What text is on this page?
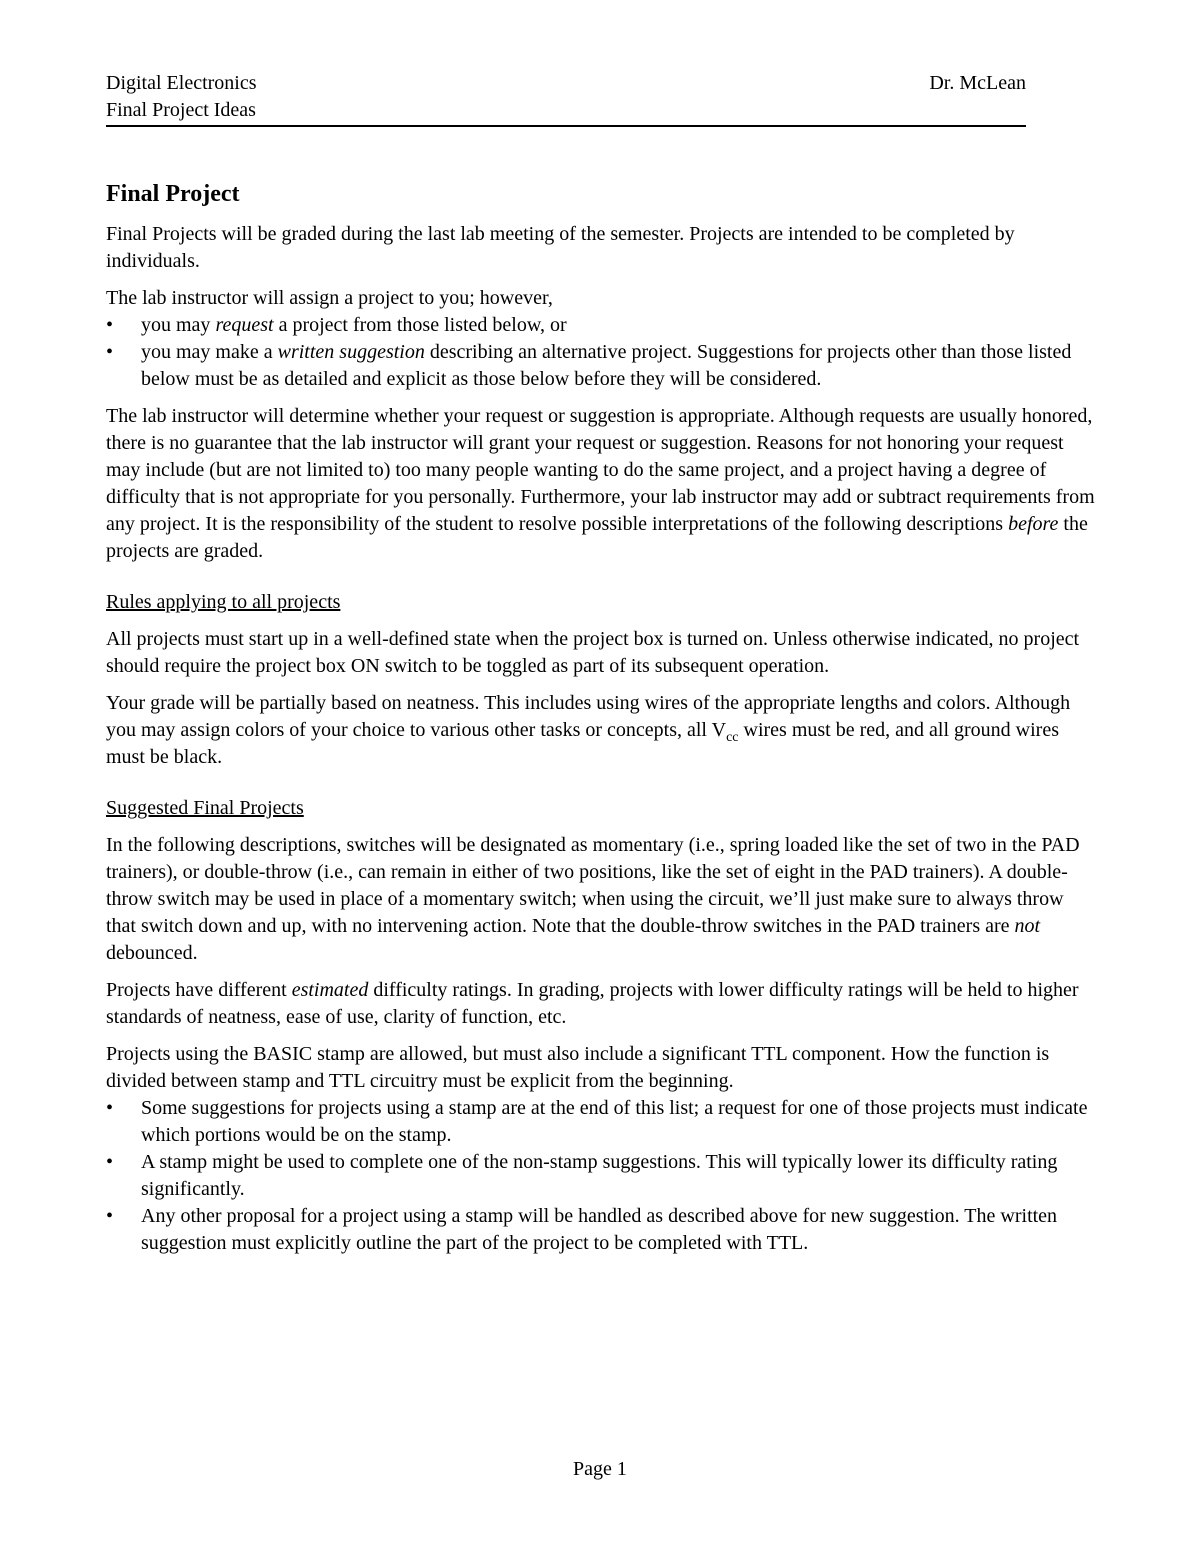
Digital Electronics	Dr. McLean
Final Project Ideas
Final Project

Final Projects will be graded during the last lab meeting of the semester. Projects are intended to be completed by individuals.

The lab instructor will assign a project to you; however,

• you may request a project from those listed below, or
• you may make a written suggestion describing an alternative project. Suggestions for projects other than those listed below must be as detailed and explicit as those below before they will be considered.

The lab instructor will determine whether your request or suggestion is appropriate. Although requests are usually honored, there is no guarantee that the lab instructor will grant your request or suggestion. Reasons for not honoring your request may include (but are not limited to) too many people wanting to do the same project, and a project having a degree of difficulty that is not appropriate for you personally. Furthermore, your lab instructor may add or subtract requirements from any project. It is the responsibility of the student to resolve possible interpretations of the following descriptions before the projects are graded.

Rules applying to all projects

All projects must start up in a well-defined state when the project box is turned on. Unless otherwise indicated, no project should require the project box ON switch to be toggled as part of its subsequent operation.

Your grade will be partially based on neatness. This includes using wires of the appropriate lengths and colors. Although you may assign colors of your choice to various other tasks or concepts, all $V_{cc}$ wires must be red, and all ground wires must be black.

Suggested Final Projects

In the following descriptions, switches will be designated as momentary (i.e., spring loaded like the set of two in the PAD trainers), or double-throw (i.e., can remain in either of two positions, like the set of eight in the PAD trainers). A double-throw switch may be used in place of a momentary switch; when using the circuit, we’ll just make sure to always throw that switch down and up, with no intervening action. Note that the double-throw switches in the PAD trainers are not debounced.

Projects have different estimated difficulty ratings. In grading, projects with lower difficulty ratings will be held to higher standards of neatness, ease of use, clarity of function, etc.

Projects using the BASIC stamp are allowed, but must also include a significant TTL component. How the function is divided between stamp and TTL circuitry must be explicit from the beginning.

• Some suggestions for projects using a stamp are at the end of this list; a request for one of those projects must indicate which portions would be on the stamp.
• A stamp might be used to complete one of the non-stamp suggestions. This will typically lower its difficulty rating significantly.
• Any other proposal for a project using a stamp will be handled as described above for new suggestion. The written suggestion must explicitly outline the part of the project to be completed with TTL.
Page 1
